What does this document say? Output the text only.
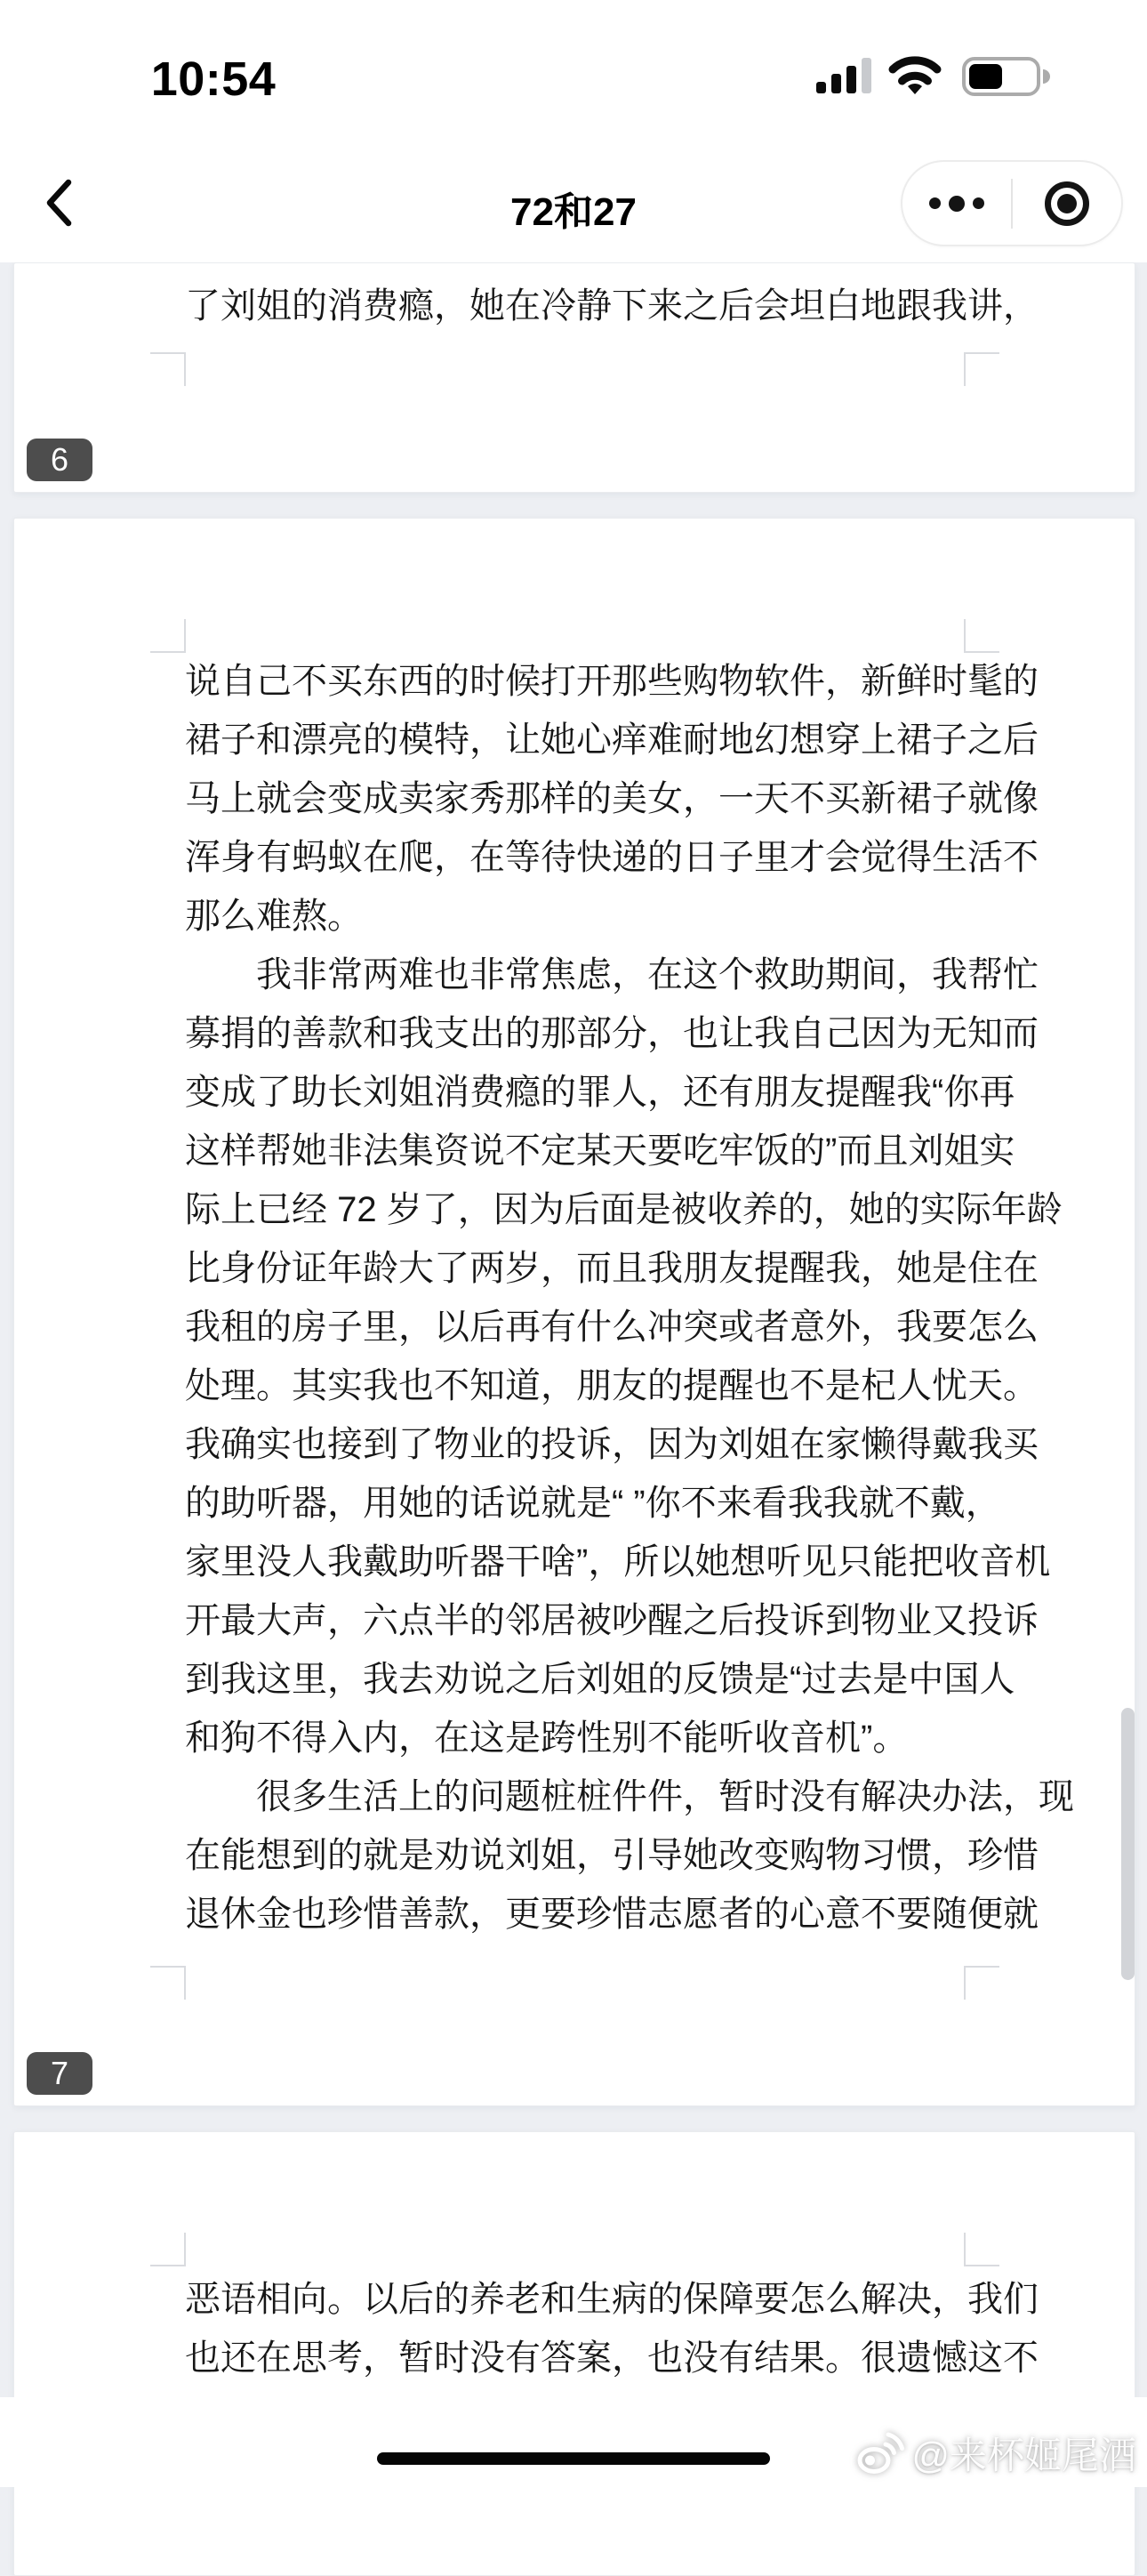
10:54
72和27
了刘姐的消费瘾，她在冷静下来之后会坦白地跟我讲，
6
说自己不买东西的时候打开那些购物软件，新鲜时髦的
裙子和漂亮的模特，让她心痒难耐地幻想穿上裙子之后
马上就会变成卖家秀那样的美女，一天不买新裙子就像
浑身有蚂蚁在爬，在等待快递的日子里才会觉得生活不
那么难熬。
我非常两难也非常焦虑，在这个救助期间，我帮忙
募捐的善款和我支出的那部分，也让我自己因为无知而
变成了助长刘姐消费瘾的罪人，还有朋友提醒我“你再
这样帮她非法集资说不定某天要吃牢饭的”而且刘姐实
际上已经 72 岁了，因为后面是被收养的，她的实际年龄
比身份证年龄大了两岁，而且我朋友提醒我，她是住在
我租的房子里，以后再有什么冲突或者意外，我要怎么
处理。其实我也不知道，朋友的提醒也不是杞人忧天。
我确实也接到了物业的投诉，因为刘姐在家懒得戴我买
的助听器，用她的话说就是“ ”你不来看我我就不戴，
家里没人我戴助听器干啥”，所以她想听见只能把收音机
开最大声，六点半的邻居被吵醒之后投诉到物业又投诉
到我这里，我去劝说之后刘姐的反馈是“过去是中国人
和狗不得入内，在这是跨性别不能听收音机”。
很多生活上的问题桩桩件件，暂时没有解决办法，现
在能想到的就是劝说刘姐，引导她改变购物习惯，珍惜
退休金也珍惜善款，更要珍惜志愿者的心意不要随便就
7
恶语相向。以后的养老和生病的保障要怎么解决，我们
也还在思考，暂时没有答案，也没有结果。很遗憾这不
@来杯姬尾酒
